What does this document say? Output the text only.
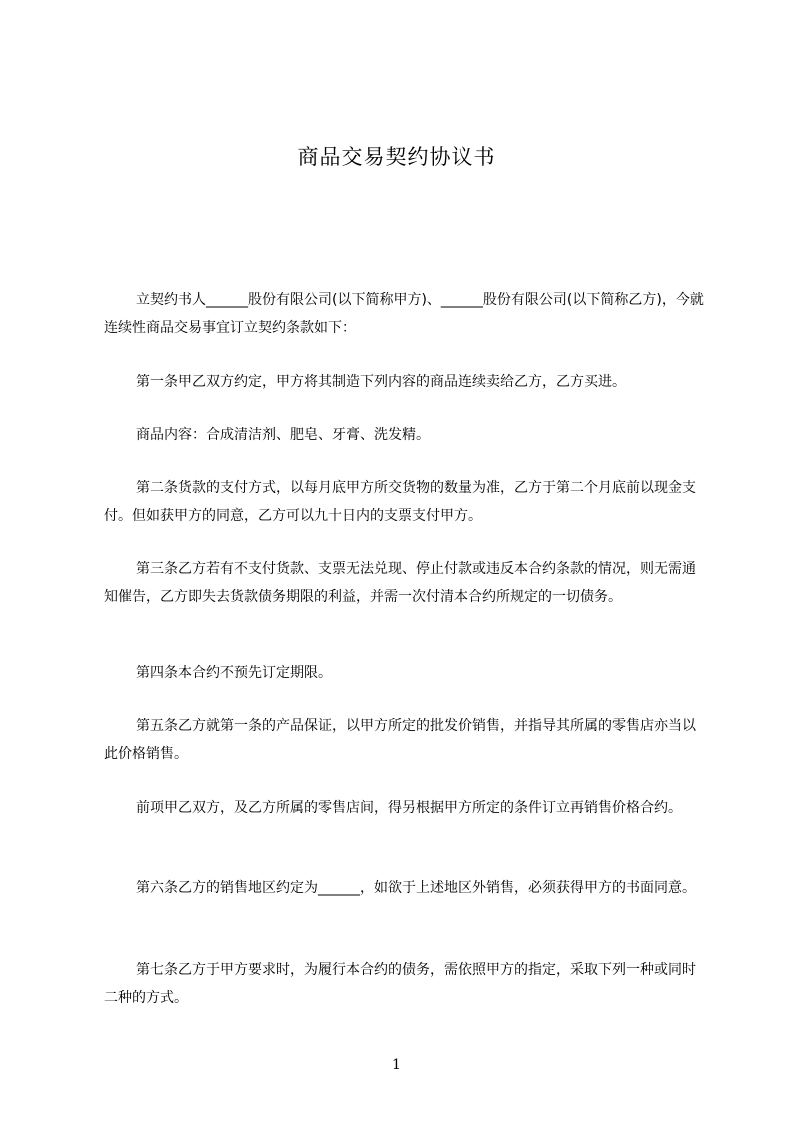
商品交易契约协议书

立契约书人______股份有限公司(以下简称甲方)、______股份有限公司(以下简称乙方)，今就连续性商品交易事宜订立契约条款如下：

第一条甲乙双方约定，甲方将其制造下列内容的商品连续卖给乙方，乙方买进。

商品内容：合成清洁剂、肥皂、牙膏、洗发精。

第二条货款的支付方式，以每月底甲方所交货物的数量为准，乙方于第二个月底前以现金支付。但如获甲方的同意，乙方可以九十日内的支票支付甲方。

第三条乙方若有不支付货款、支票无法兑现、停止付款或违反本合约条款的情况，则无需通知催告，乙方即失去货款债务期限的利益，并需一次付清本合约所规定的一切债务。

第四条本合约不预先订定期限。

第五条乙方就第一条的产品保证，以甲方所定的批发价销售，并指导其所属的零售店亦当以此价格销售。

前项甲乙双方，及乙方所属的零售店间，得另根据甲方所定的条件订立再销售价格合约。

第六条乙方的销售地区约定为______，如欲于上述地区外销售，必须获得甲方的书面同意。

第七条乙方于甲方要求时，为履行本合约的债务，需依照甲方的指定，采取下列一种或同时二种的方式。

1
